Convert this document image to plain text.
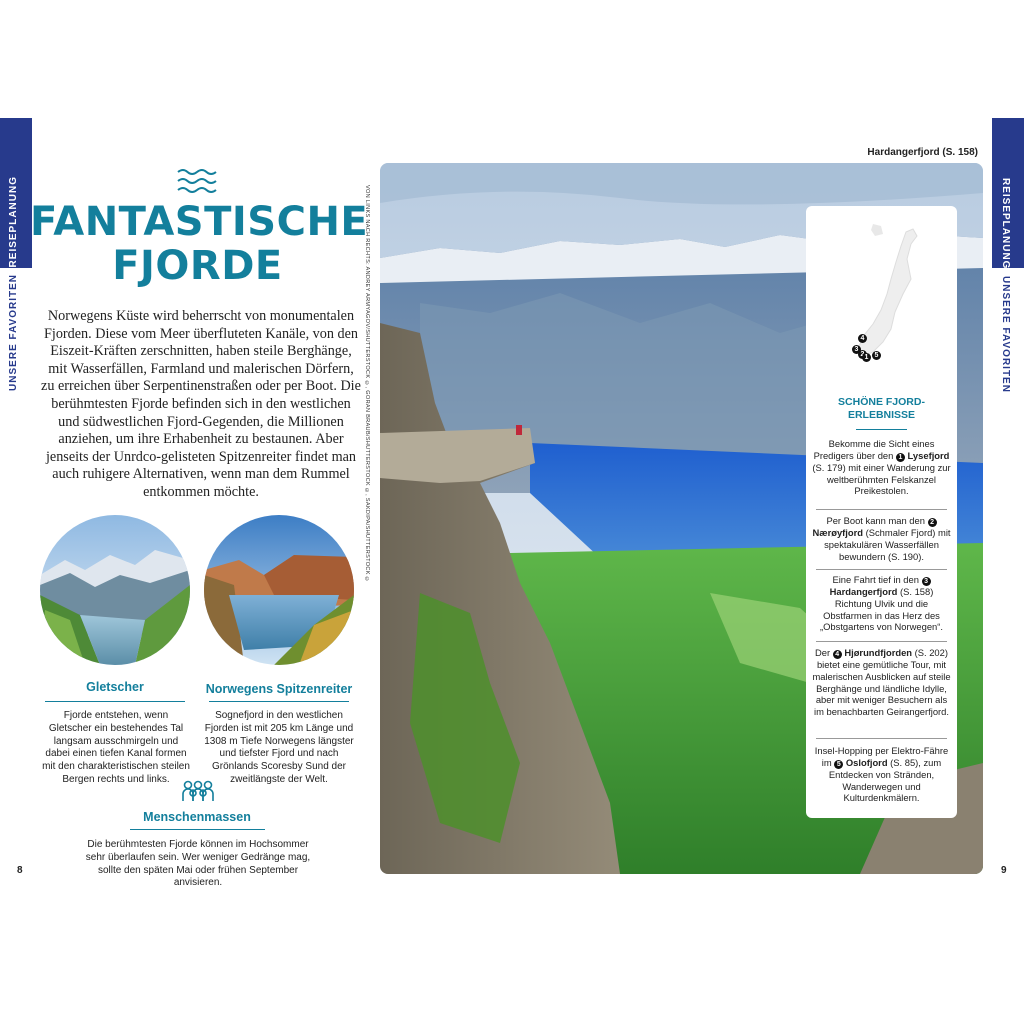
REISEPLANUNG
UNSERE FAVORITEN
REISEPLANUNG
UNSERE FAVORITEN
FANTASTISCHE
FJORDE
Norwegens Küste wird beherrscht von monumentalen Fjorden. Diese vom Meer überfluteten Kanäle, von den Eiszeit-Kräften zerschnitten, haben steile Berghänge, mit Wasserfällen, Farmland und malerischen Dörfern, zu erreichen über Serpentinenstraßen oder per Boot. Die berühmtesten Fjorde befinden sich in den westlichen und südwestlichen Fjord-Gegenden, die Millionen anziehen, um ihre Erhabenheit zu bestaunen. Aber jenseits der Unrdco-gelisteten Spitzenreiter findet man auch ruhigere Alternativen, wenn man dem Rummel entkommen möchte.
Gletscher
Fjorde entstehen, wenn Gletscher ein bestehendes Tal langsam ausschmirgeln und dabei einen tiefen Kanal formen mit den charakteristischen steilen Bergen rechts und links.
Norwegens Spitzenreiter
Sognefjord in den westlichen Fjorden ist mit 205 km Länge und 1308 m Tiefe Norwegens längster und tiefster Fjord und nach Grönlands Scoresby Sund der zweitlängste der Welt.
Menschenmassen
Die berühmtesten Fjorde können im Hochsommer sehr überlaufen sein. Wer weniger Gedränge mag, sollte den späten Mai oder frühen September anvisieren.
8	9
VON LINKS NACH RECHTS: ANDREY ARMYAGOV/SHUTTERSTOCK ©, GORAN BRAUB/SHUTTERSTOCK ©, SAKDIPA/SHUTTERSTOCK ©
Hardangerfjord (S. 158)
4
3
1 5
SCHÖNE FJORD-
ERLEBNISSE
Bekomme die Sicht eines Predigers über den 1 Lysefjord (S. 179) mit einer Wanderung zur weltberühmten Felskanzel Preikestolen.
Per Boot kann man den 2 Nærøyfjord (Schmaler Fjord) mit spektakulären Wasserfällen bewundern (S. 190).
Eine Fahrt tief in den 3 Hardangerfjord (S. 158) Richtung Ulvik und die Obstfarmen in das Herz des „Obstgartens von Norwegen“.
Der 4 Hjørundfjorden (S. 202) bietet eine gemütliche Tour, mit malerischen Ausblicken auf steile Berghänge und ländliche Idylle, aber mit weniger Besuchern als im benachbarten Geirangerfjord.
Insel-Hopping per Elektro-Fähre im 5 Oslofjord (S. 85), zum Entdecken von Stränden, Wanderwegen und Kulturdenkmälern.
